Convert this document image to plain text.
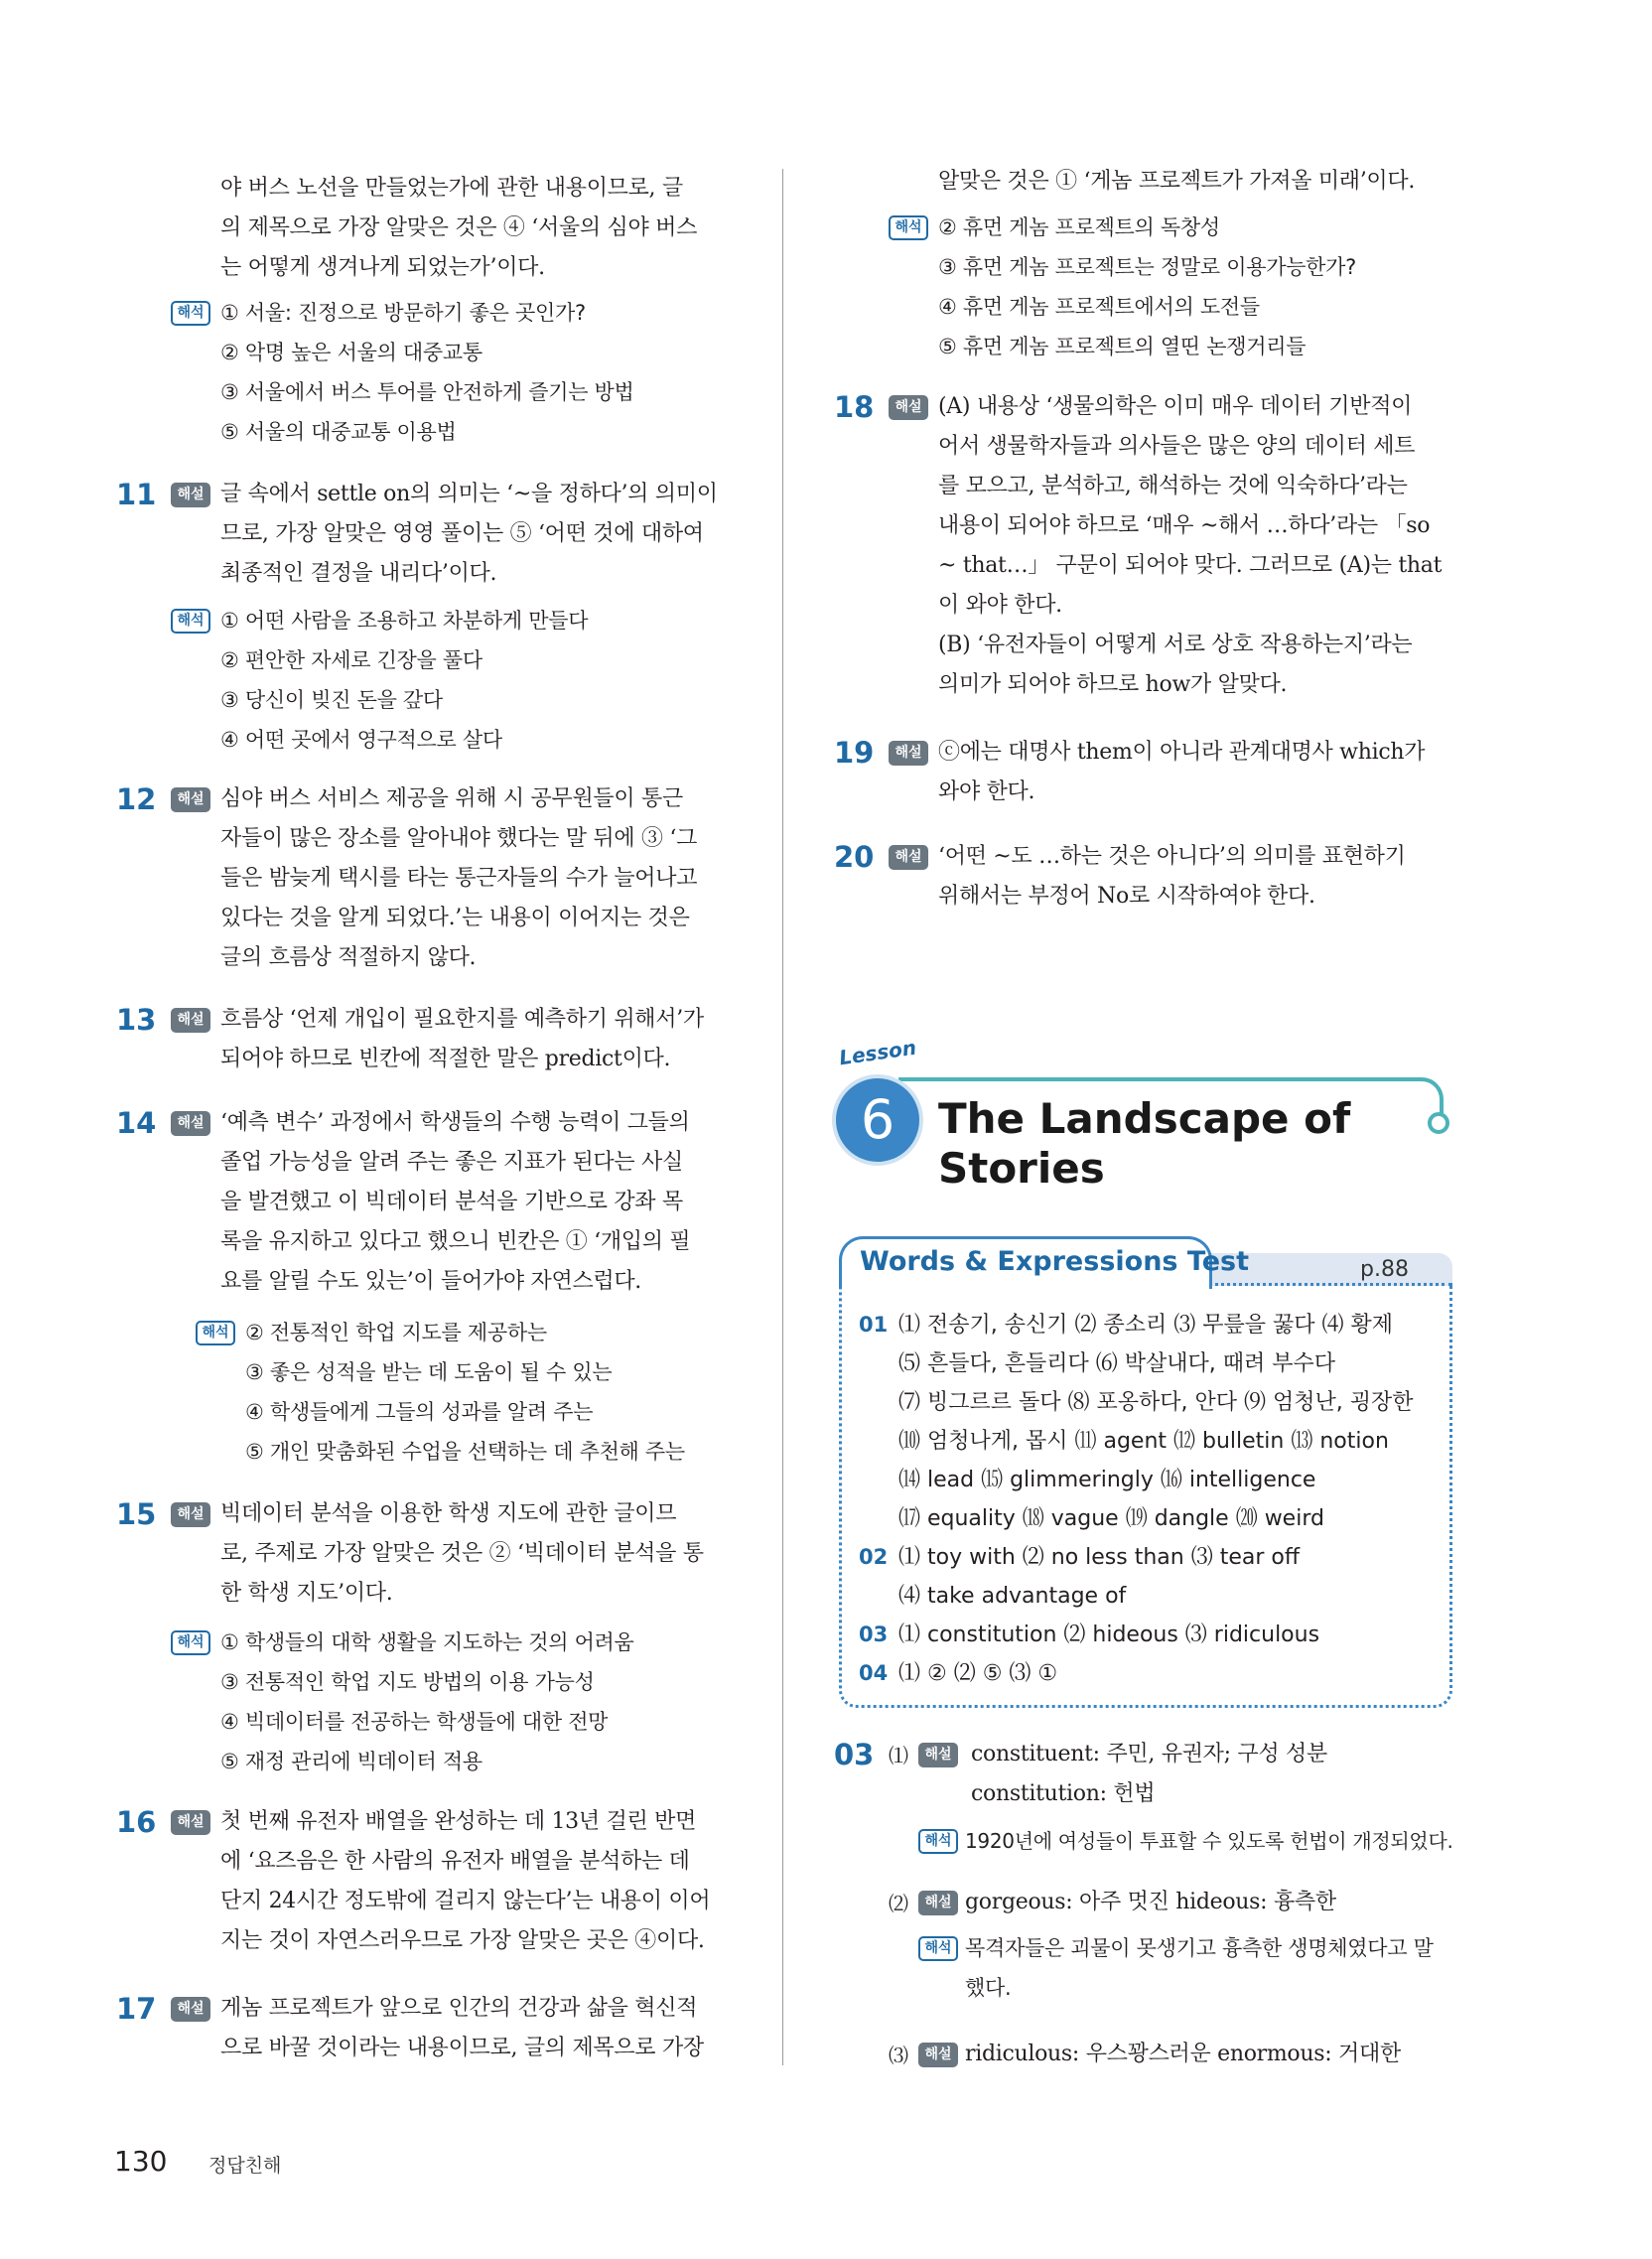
야 버스 노선을 만들었는가에 관한 내용이므로, 글
의 제목으로 가장 알맞은 것은 ④ ‘서울의 심야 버스
는 어떻게 생겨나게 되었는가’이다.
해석 ① 서울: 진정으로 방문하기 좋은 곳인가?
② 악명 높은 서울의 대중교통
③ 서울에서 버스 투어를 안전하게 즐기는 방법
⑤ 서울의 대중교통 이용법
11	해설 글 속에서 settle on의 의미는 ‘~을 정하다’의 의미이
므로, 가장 알맞은 영영 풀이는 ⑤ ‘어떤 것에 대하여
최종적인 결정을 내리다’이다.
해석 ① 어떤 사람을 조용하고 차분하게 만들다
② 편안한 자세로 긴장을 풀다
③ 당신이 빚진 돈을 갚다
④ 어떤 곳에서 영구적으로 살다
12	해설 심야 버스 서비스 제공을 위해 시 공무원들이 통근
자들이 많은 장소를 알아내야 했다는 말 뒤에 ③ ‘그
들은 밤늦게 택시를 타는 통근자들의 수가 늘어나고
있다는 것을 알게 되었다.’는 내용이 이어지는 것은
글의 흐름상 적절하지 않다.
13	해설 흐름상 ‘언제 개입이 필요한지를 예측하기 위해서’가
되어야 하므로 빈칸에 적절한 말은 predict이다.
14	해설 ‘예측 변수’ 과정에서 학생들의 수행 능력이 그들의
졸업 가능성을 알려 주는 좋은 지표가 된다는 사실
을 발견했고 이 빅데이터 분석을 기반으로 강좌 목
록을 유지하고 있다고 했으니 빈칸은 ① ‘개입의 필
요를 알릴 수도 있는’이 들어가야 자연스럽다.
해석 ② 전통적인 학업 지도를 제공하는
③ 좋은 성적을 받는 데 도움이 될 수 있는
④ 학생들에게 그들의 성과를 알려 주는
⑤ 개인 맞춤화된 수업을 선택하는 데 추천해 주는
15	해설 빅데이터 분석을 이용한 학생 지도에 관한 글이므
로, 주제로 가장 알맞은 것은 ② ‘빅데이터 분석을 통
한 학생 지도’이다.
해석 ① 학생들의 대학 생활을 지도하는 것의 어려움
③ 전통적인 학업 지도 방법의 이용 가능성
④ 빅데이터를 전공하는 학생들에 대한 전망
⑤ 재정 관리에 빅데이터 적용
16	해설 첫 번째 유전자 배열을 완성하는 데 13년 걸린 반면
에 ‘요즈음은 한 사람의 유전자 배열을 분석하는 데
단지 24시간 정도밖에 걸리지 않는다’는 내용이 이어
지는 것이 자연스러우므로 가장 알맞은 곳은 ④이다.
17	해설 게놈 프로젝트가 앞으로 인간의 건강과 삶을 혁신적
으로 바꿀 것이라는 내용이므로, 글의 제목으로 가장
알맞은 것은 ① ‘게놈 프로젝트가 가져올 미래’이다.
해석 ② 휴먼 게놈 프로젝트의 독창성
③ 휴먼 게놈 프로젝트는 정말로 이용가능한가?
④ 휴먼 게놈 프로젝트에서의 도전들
⑤ 휴먼 게놈 프로젝트의 열띤 논쟁거리들
18	해설 (A) 내용상 ‘생물의학은 이미 매우 데이터 기반적이
어서 생물학자들과 의사들은 많은 양의 데이터 세트
를 모으고, 분석하고, 해석하는 것에 익숙하다’라는
내용이 되어야 하므로 ‘매우 ~해서 …하다’라는 「so
~ that…」 구문이 되어야 맞다. 그러므로 (A)는 that
이 와야 한다.
(B) ‘유전자들이 어떻게 서로 상호 작용하는지’라는
의미가 되어야 하므로 how가 알맞다.
19	해설 ⓒ에는 대명사 them이 아니라 관계대명사 which가
와야 한다.
20	해설 ‘어떤 ~도 …하는 것은 아니다’의 의미를 표현하기
위해서는 부정어 No로 시작하여야 한다.
Lesson
6	The Landscape of
Stories
p.88
Words & Expressions Test
01 ⑴ 전송기, 송신기 ⑵ 종소리 ⑶ 무릎을 꿇다 ⑷ 황제
⑸ 흔들다, 흔들리다 ⑹ 박살내다, 때려 부수다
⑺ 빙그르르 돌다 ⑻ 포옹하다, 안다 ⑼ 엄청난, 굉장한
⑽ 엄청나게, 몹시 ⑾ agent ⑿ bulletin ⒀ notion
⒁ lead ⒂ glimmeringly ⒃ intelligence
⒄ equality ⒅ vague ⒆ dangle ⒇ weird
02 ⑴ toy with ⑵ no less than ⑶ tear off
⑷ take advantage of
03 ⑴ constitution ⑵ hideous ⑶ ridiculous
04 ⑴ ② ⑵ ⑤ ⑶ ①
03 ⑴	해설 constituent: 주민, 유권자; 구성 성분
constitution: 헌법
해석 1920년에 여성들이 투표할 수 있도록 헌법이 개정되었다.
⑵	해설 gorgeous: 아주 멋진 hideous: 흉측한
해석 목격자들은 괴물이 못생기고 흉측한 생명체였다고 말
했다.
⑶	해설 ridiculous: 우스꽝스러운 enormous: 거대한
130 정답친해
